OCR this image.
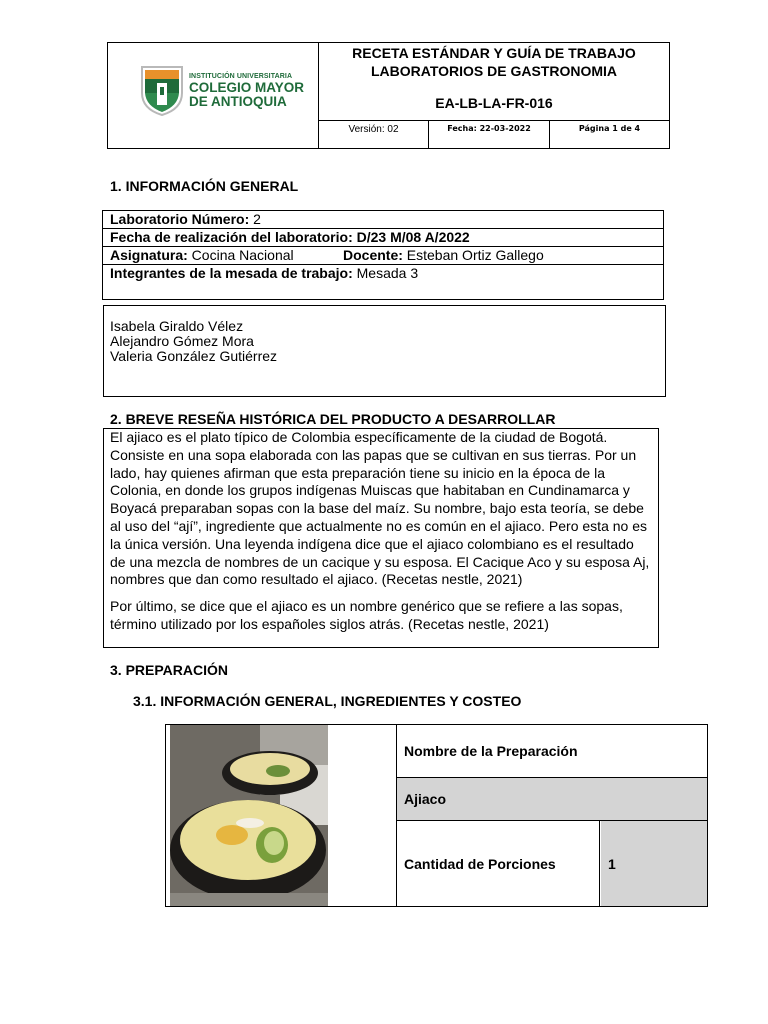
INSTITUCIÓN UNIVERSITARIA
COLEGIO MAYOR
DE ANTIOQUIA
RECETA ESTÁNDAR Y GUÍA DE TRABAJO
LABORATORIOS DE GASTRONOMIA
EA-LB-LA-FR-016
Versión: 02	Fecha: 22-03-2022	Página 1 de 4
1. INFORMACIÓN GENERAL
Laboratorio Número: 2
Fecha de realización del laboratorio: D/23 M/08 A/2022
Asignatura: Cocina Nacional	Docente: Esteban Ortiz Gallego
Integrantes de la mesada de trabajo: Mesada 3
Isabela Giraldo Vélez
Alejandro Gómez Mora
Valeria González Gutiérrez
2. BREVE RESEÑA HISTÓRICA DEL PRODUCTO A DESARROLLAR

El ajiaco es el plato típico de Colombia específicamente de la ciudad de Bogotá. Consiste en una sopa elaborada con las papas que se cultivan en sus tierras. Por un lado, hay quienes afirman que esta preparación tiene su inicio en la época de la Colonia, en donde los grupos indígenas Muiscas que habitaban en Cundinamarca y Boyacá preparaban sopas con la base del maíz. Su nombre, bajo esta teoría, se debe al uso del “ají”, ingrediente que actualmente no es común en el ajiaco. Pero esta no es la única versión. Una leyenda indígena dice que el ajiaco colombiano es el resultado de una mezcla de nombres de un cacique y su esposa. El Cacique Aco y su esposa Aj, nombres que dan como resultado el ajiaco. (Recetas nestle, 2021)

Por último, se dice que el ajiaco es un nombre genérico que se refiere a las sopas, término utilizado por los españoles siglos atrás. (Recetas nestle, 2021)

3. PREPARACIÓN
3.1. INFORMACIÓN GENERAL, INGREDIENTES Y COSTEO
Nombre de la Preparación
Ajiaco
Cantidad de Porciones	1
